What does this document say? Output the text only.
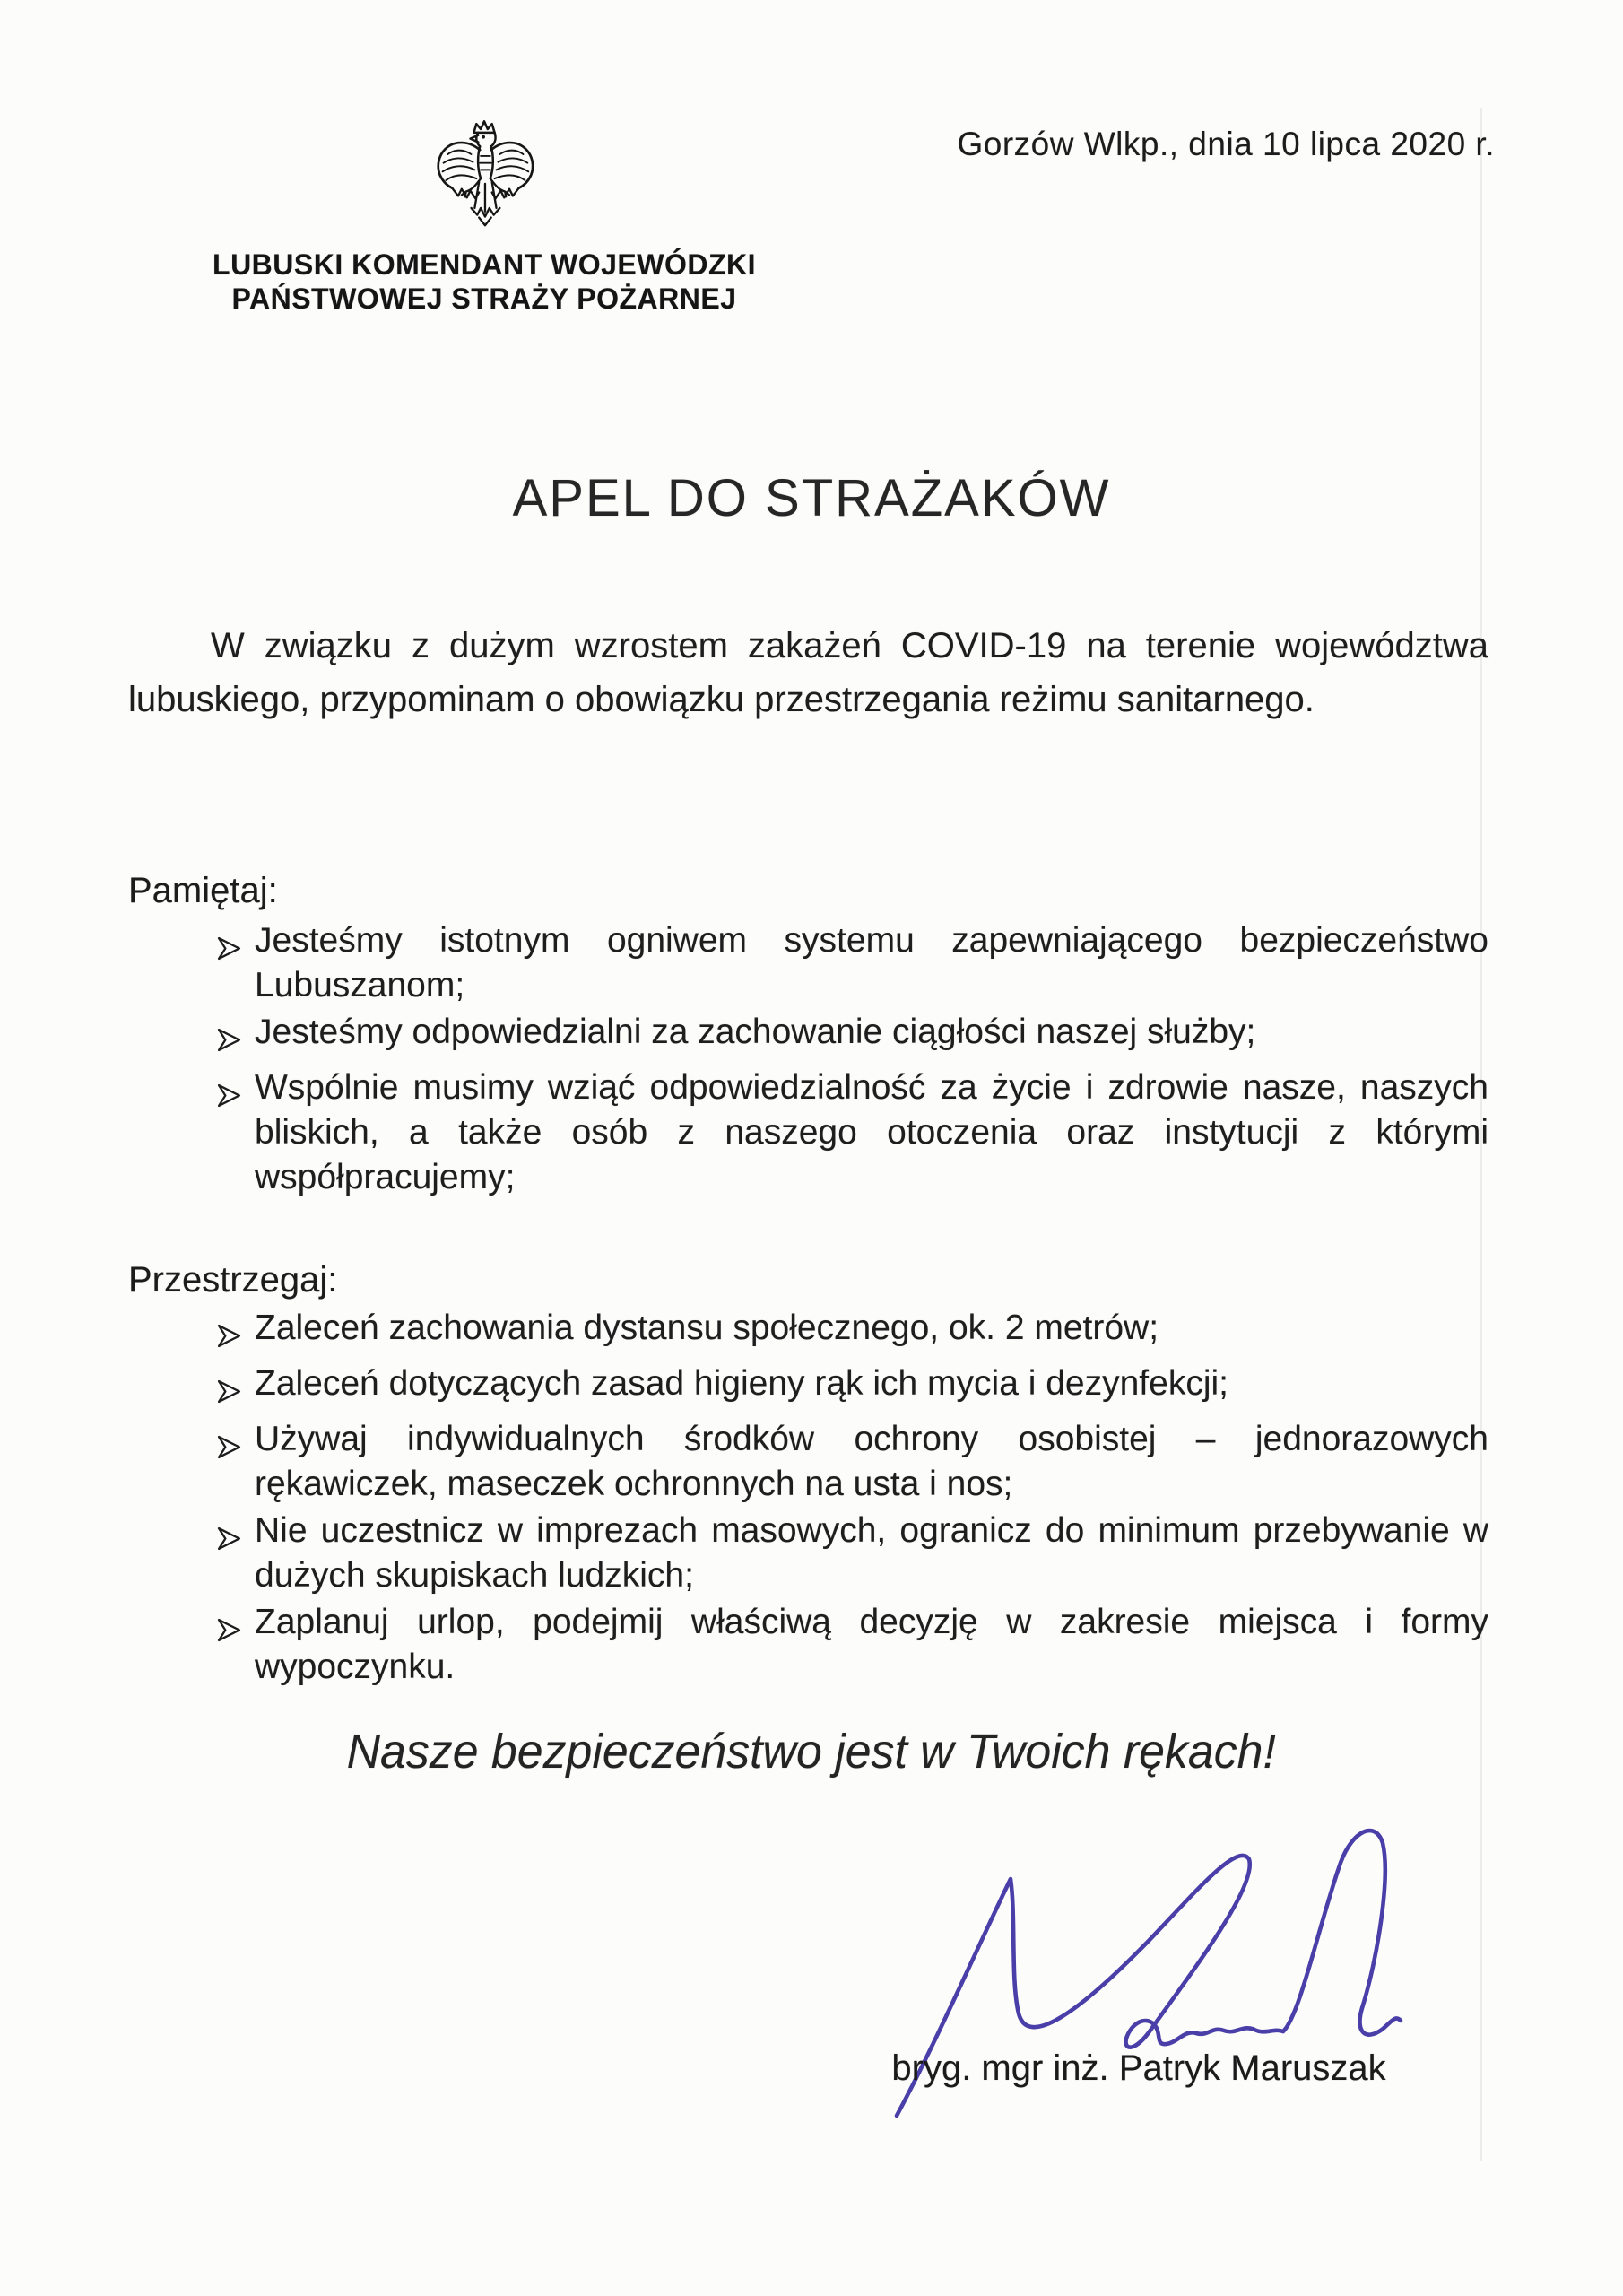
Gorzów Wlkp., dnia 10 lipca 2020 r.
LUBUSKI KOMENDANT WOJEWÓDZKI
PAŃSTWOWEJ STRAŻY POŻARNEJ
APEL DO STRAŻAKÓW
W związku z dużym wzrostem zakażeń COVID-19 na terenie województwa lubuskiego, przypominam o obowiązku przestrzegania reżimu sanitarnego.
Pamiętaj:
Jesteśmy istotnym ogniwem systemu zapewniającego bezpieczeństwo Lubuszanom;
Jesteśmy odpowiedzialni za zachowanie ciągłości naszej służby;
Wspólnie musimy wziąć odpowiedzialność za życie i zdrowie nasze, naszych bliskich, a także osób z naszego otoczenia oraz instytucji z którymi współpracujemy;
Przestrzegaj:
Zaleceń zachowania dystansu społecznego, ok. 2 metrów;
Zaleceń dotyczących zasad higieny rąk ich mycia i dezynfekcji;
Używaj indywidualnych środków ochrony osobistej – jednorazowych rękawiczek, maseczek ochronnych na usta i nos;
Nie uczestnicz w imprezach masowych, ogranicz do minimum przebywanie w dużych skupiskach ludzkich;
Zaplanuj urlop, podejmij właściwą decyzję w zakresie miejsca i formy wypoczynku.
Nasze bezpieczeństwo jest w Twoich rękach!
bryg. mgr inż. Patryk Maruszak
